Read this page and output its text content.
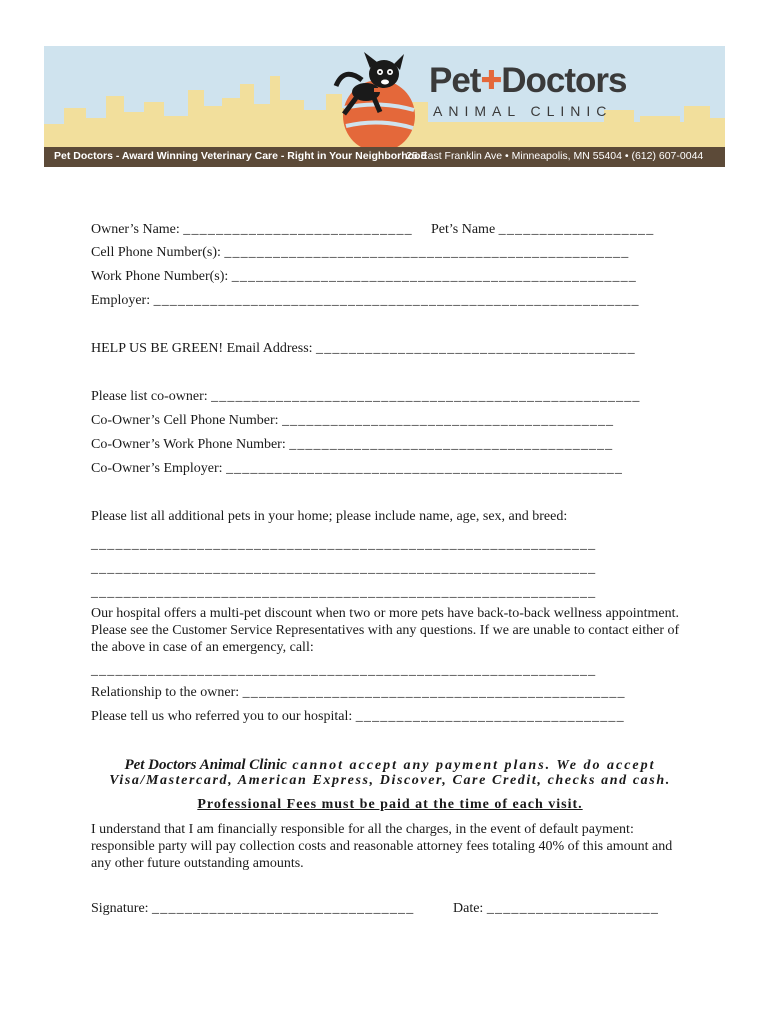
Pet✚Doctors
ANIMAL CLINIC
Pet Doctors - Award Winning Veterinary Care - Right in Your Neighborhood
25 East Franklin Ave • Minneapolis, MN 55404 • (612) 607-0044
Owner’s Name: ____________________________ Pet’s Name ___________________
Cell Phone Number(s): __________________________________________________
Work Phone Number(s): __________________________________________________
Employer: ____________________________________________________________
HELP US BE GREEN! Email Address: _______________________________________
Please list co-owner: _____________________________________________________
Co-Owner’s Cell Phone Number: _________________________________________
Co-Owner’s Work Phone Number: ________________________________________
Co-Owner’s Employer: _________________________________________________
Please list all additional pets in your home; please include name, age, sex, and breed:
______________________________________________________________
______________________________________________________________
______________________________________________________________
Our hospital offers a multi-pet discount when two or more pets have back-to-back wellness appointment. Please see the Customer Service Representatives with any questions. If we are unable to contact either of the above in case of an emergency, call:
______________________________________________________________
Relationship to the owner: _______________________________________________
Please tell us who referred you to our hospital: _________________________________
Pet Doctors Animal Clinic cannot accept any payment plans. We do accept
Visa/Mastercard, American Express, Discover, Care Credit, checks and cash.
Professional Fees must be paid at the time of each visit.
I understand that I am financially responsible for all the charges, in the event of default payment: responsible party will pay collection costs and reasonable attorney fees totaling 40% of this amount and any other future outstanding amounts.
Signature: ________________________________	Date: _____________________
